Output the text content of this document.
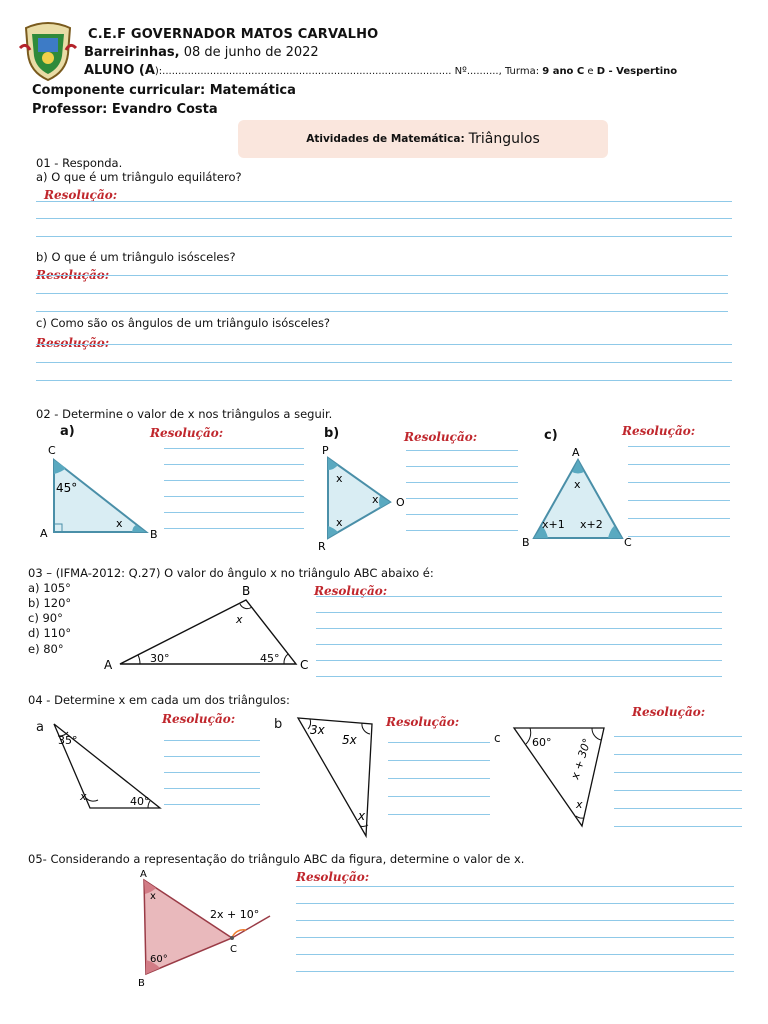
C.E.F GOVERNADOR MATOS CARVALHO
Barreirinhas, 08 de junho de 2022
ALUNO (A):........................................................................................... Nº.........., Turma: 9 ano C e D - Vespertino
Componente curricular: Matemática
Professor: Evandro Costa
Atividades de Matemática: Triângulos
01 - Responda.
a) O que é um triângulo equilátero?
Resolução:
b) O que é um triângulo isósceles?
Resolução:
c) Como são os ângulos de um triângulo isósceles?
Resolução:
02 - Determine o valor de x nos triângulos a seguir.
a)	b)	c)
C
A	B
45°
x
Resolução:
P
O
R
x
x
x
Resolução:
A
B	C
x
x+1 x+2
Resolução:
03 – (IFMA-2012: Q.27) O valor do ângulo x no triângulo ABC abaixo é:
a) 105°
b) 120°
c) 90°
d) 110°
e) 80°
A
B
C
30°	45°
x
Resolução:
04 - Determine x em cada um dos triângulos:
a	b
c
35°
x	40°
Resolução:
3x
5x
x
Resolução:
60° x + 30°
x
Resolução:
05- Considerando a representação do triângulo ABC da figura, determine o valor de x.
A
x
2x + 10°
C
60°
B
Resolução:
